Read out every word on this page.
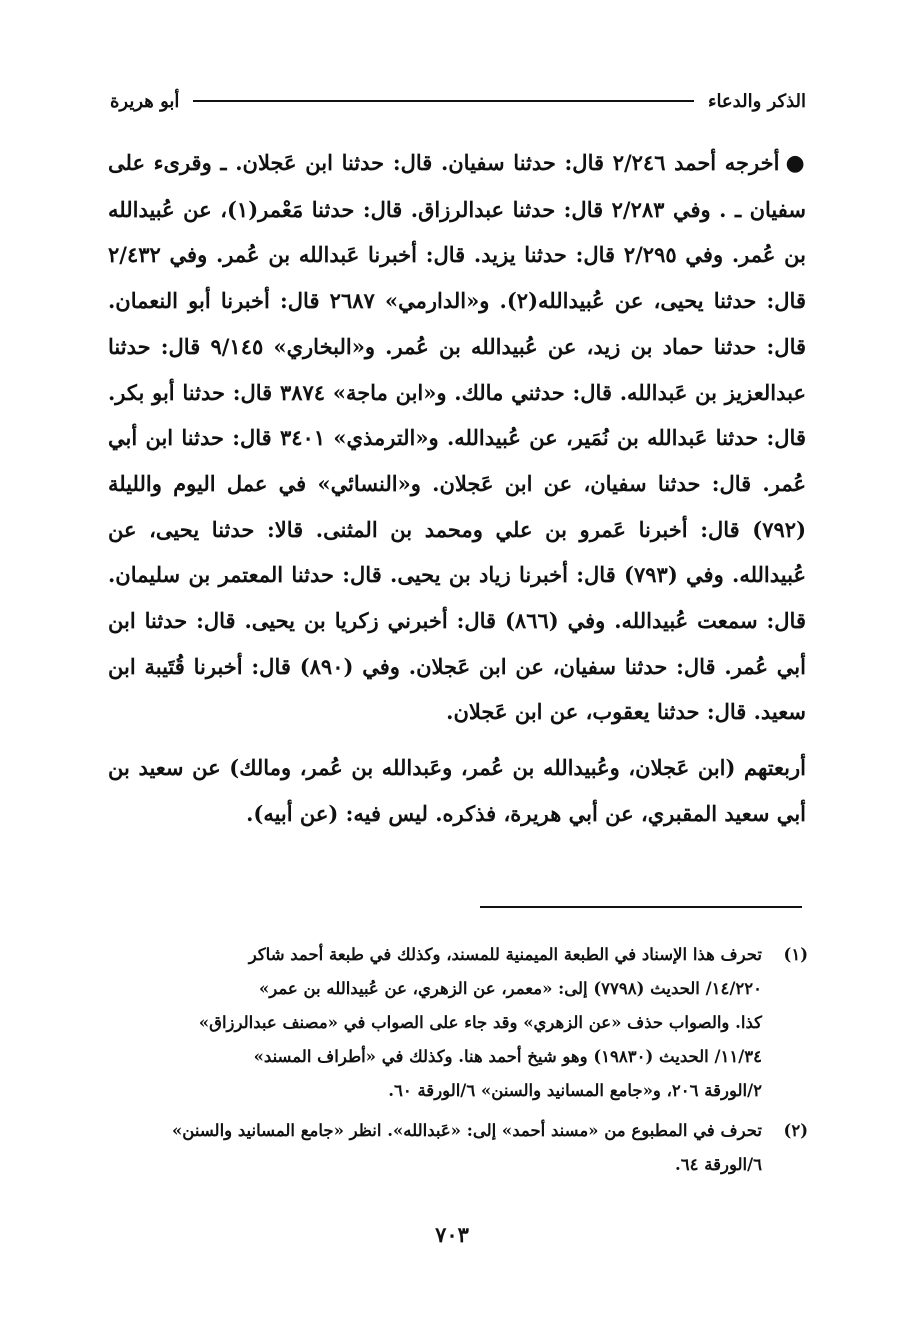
الذكر والدعاء
أبو هريرة

●أخرجه أحمد ٢/٢٤٦ قال: حدثنا سفيان. قال: حدثنا ابن عَجلان. ـ وقرىء على سفيان ـ . وفي ٢/٢٨٣ قال: حدثنا عبدالرزاق. قال: حدثنا مَعْمر(١)، عن عُبيدالله بن عُمر. وفي ٢/٢٩٥ قال: حدثنا يزيد. قال: أخبرنا عَبدالله بن عُمر. وفي ٢/٤٣٢ قال: حدثنا يحيى، عن عُبيدالله(٢). و«الدارمي» ٢٦٨٧ قال: أخبرنا أبو النعمان. قال: حدثنا حماد بن زيد، عن عُبيدالله بن عُمر. و«البخاري» ٩/١٤٥ قال: حدثنا عبدالعزيز بن عَبدالله. قال: حدثني مالك. و«ابن ماجة» ٣٨٧٤ قال: حدثنا أبو بكر. قال: حدثنا عَبدالله بن نُمَير، عن عُبيدالله. و«الترمذي» ٣٤٠١ قال: حدثنا ابن أبي عُمر. قال: حدثنا سفيان، عن ابن عَجلان. و«النسائي» في عمل اليوم والليلة (٧٩٢) قال: أخبرنا عَمرو بن علي ومحمد بن المثنى. قالا: حدثنا يحيى، عن عُبيدالله. وفي (٧٩٣) قال: أخبرنا زياد بن يحيى. قال: حدثنا المعتمر بن سليمان. قال: سمعت عُبيدالله. وفي (٨٦٦) قال: أخبرني زكريا بن يحيى. قال: حدثنا ابن أبي عُمر. قال: حدثنا سفيان، عن ابن عَجلان. وفي (٨٩٠) قال: أخبرنا قُتَيبة ابن سعيد. قال: حدثنا يعقوب، عن ابن عَجلان.

أربعتهم (ابن عَجلان، وعُبيدالله بن عُمر، وعَبدالله بن عُمر، ومالك) عن سعيد بن أبي سعيد المقبري، عن أبي هريرة، فذكره. ليس فيه: (عن أبيه).

(١)
تحرف هذا الإسناد في الطبعة الميمنية للمسند، وكذلك في طبعة أحمد شاكر
١٤/٢٢٠/ الحديث (٧٧٩٨) إلى: «معمر، عن الزهري، عن عُبيدالله بن عمر»
كذا. والصواب حذف «عن الزهري» وقد جاء على الصواب في «مصنف عبدالرزاق»
١١/٣٤/ الحديث (١٩٨٣٠) وهو شيخ أحمد هنا. وكذلك في «أطراف المسند»
٢/الورقة ٢٠٦، و«جامع المسانيد والسنن» ٦/الورقة ٦٠.
(٢)
تحرف في المطبوع من «مسند أحمد» إلى: «عَبدالله». انظر «جامع المسانيد والسنن»
٦/الورقة ٦٤.
٧٠٣
